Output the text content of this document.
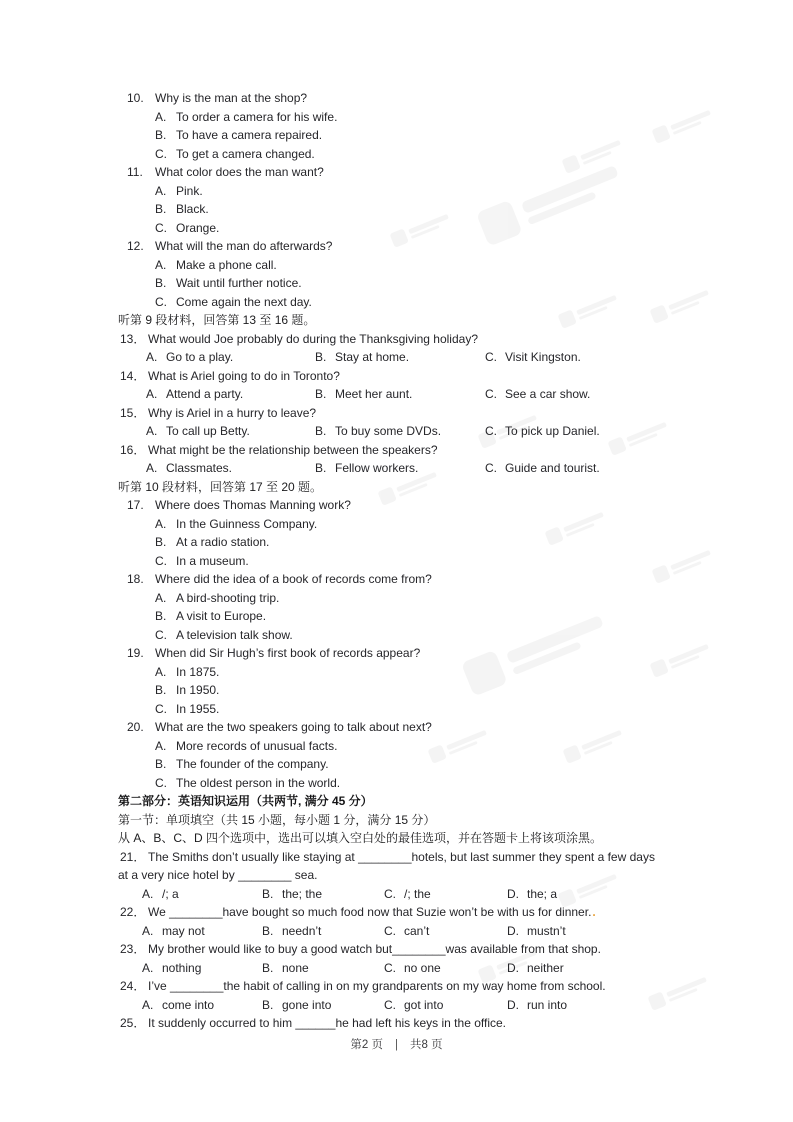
10. Why is the man at the shop?
A. To order a camera for his wife.
B. To have a camera repaired.
C. To get a camera changed.
11. What color does the man want?
A. Pink.
B. Black.
C. Orange.
12. What will the man do afterwards?
A. Make a phone call.
B. Wait until further notice.
C. Come again the next day.
听第 9 段材料，回答第 13 至 16 题。
13． What would Joe probably do during the Thanksgiving holiday?
A. Go to a play.	B. Stay at home.	C. Visit Kingston.
14． What is Ariel going to do in Toronto?
A. Attend a party.	B. Meet her aunt.	C. See a car show.
15． Why is Ariel in a hurry to leave?
A. To call up Betty.	B. To buy some DVDs.	C. To pick up Daniel.
16． What might be the relationship between the speakers?
A. Classmates.	B. Fellow workers.	C. Guide and tourist.
听第 10 段材料，回答第 17 至 20 题。
17. Where does Thomas Manning work?
A. In the Guinness Company.
B. At a radio station.
C. In a museum.
18. Where did the idea of a book of records come from?
A. A bird-shooting trip.
B. A visit to Europe.
C. A television talk show.
19. When did Sir Hugh’s first book of records appear?
A. In 1875.
B. In 1950.
C. In 1955.
20. What are the two speakers going to talk about next?
A. More records of unusual facts.
B. The founder of the company.
C. The oldest person in the world.
第二部分：英语知识运用（共两节, 满分 45 分）
第一节：单项填空（共 15 小题，每小题 1 分，满分 15 分）
从 A、B、C、D 四个选项中，选出可以填入空白处的最佳选项，并在答题卡上将该项涂黑。
21． The Smiths don’t usually like staying at ________hotels, but last summer they spent a few days
at a very nice hotel by ________ sea.
A. /; a	B. the; the	C. /; the	D. the; a
22． We ________have bought so much food now that Suzie won’t be with us for dinner..
A. may not	B. needn’t	C. can’t	D. mustn’t
23． My brother would like to buy a good watch but________was available from that shop.
A. nothing	B. none	C. no one	D. neither
24． I’ve ________the habit of calling in on my grandparents on my way home from school.
A. come into	B. gone into	C. got into	D. run into
25． It suddenly occurred to him ______he had left his keys in the office.
第2 页 | 共8 页
